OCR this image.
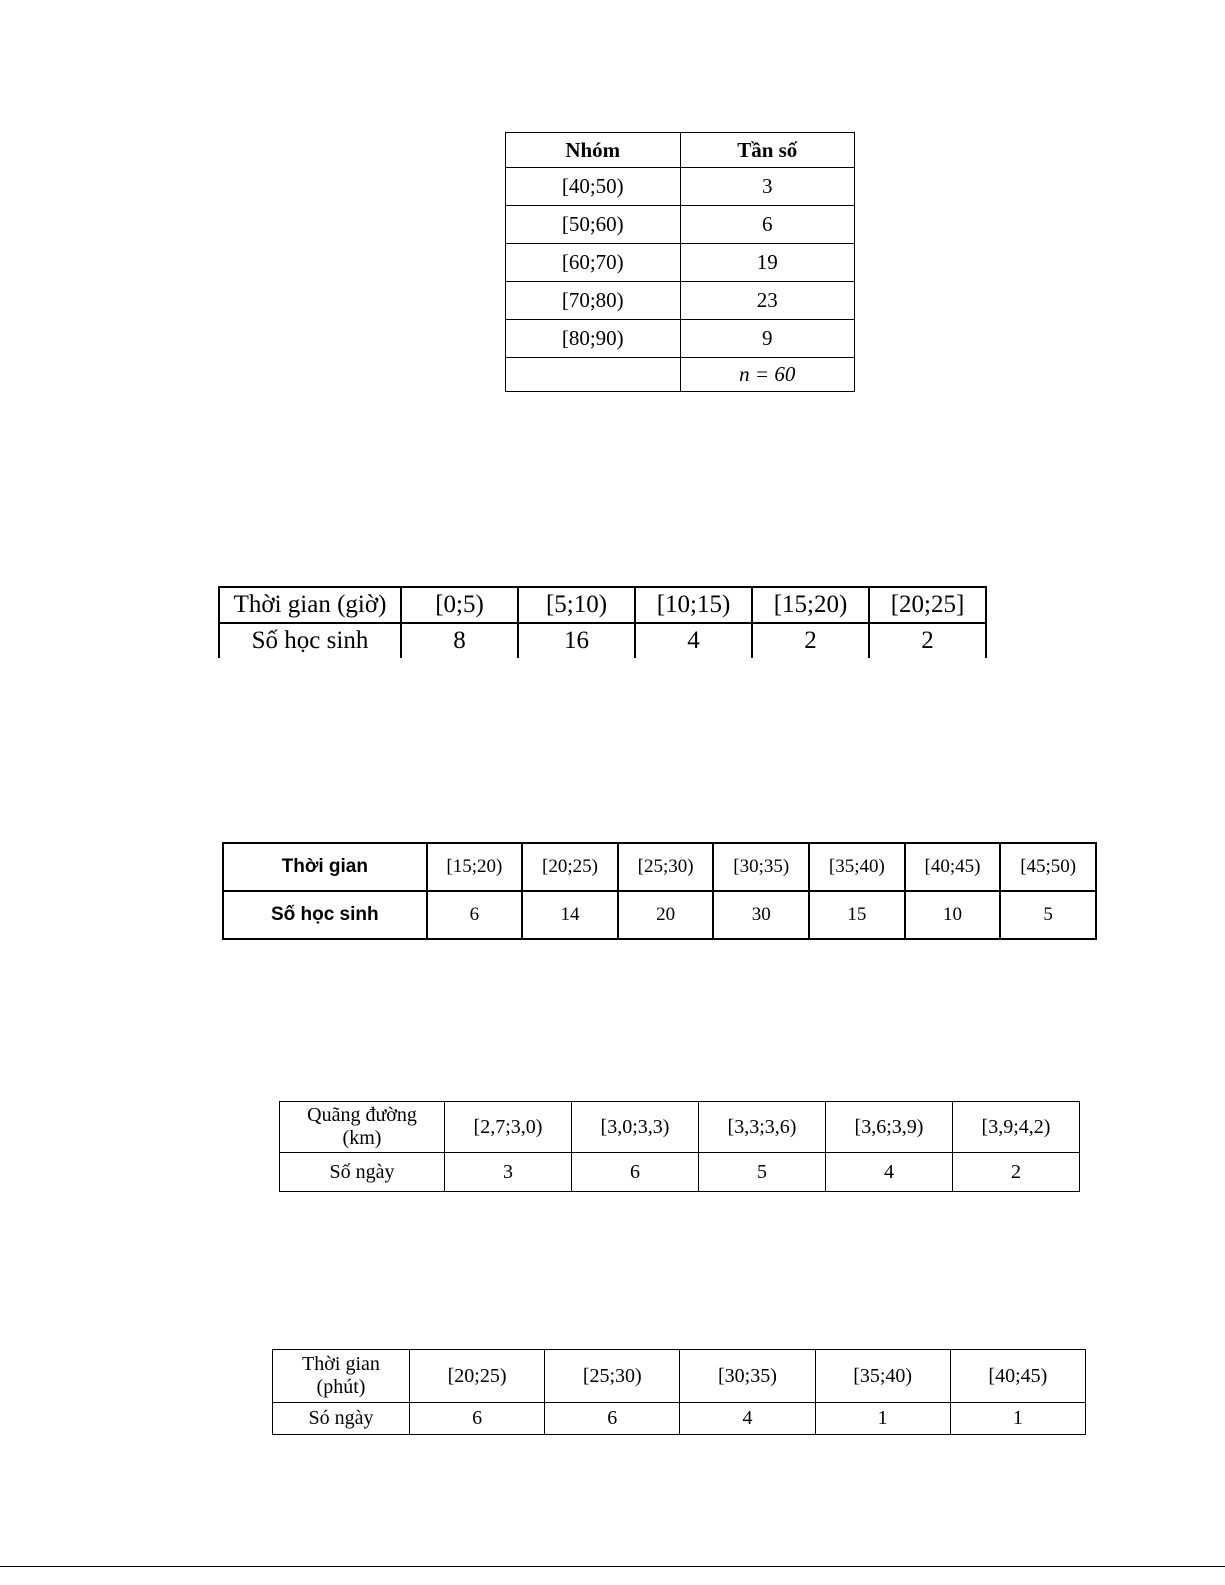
Nhóm	Tần số
[40;50)	3
[50;60)	6
[60;70)	19
[70;80)	23
[80;90)	9
	n = 60
Thời gian (giờ)	[0;5)	[5;10)	[10;15)	[15;20)	[20;25]
Số học sinh	8	16	4	2	2
Thời gian	[15;20)	[20;25)	[25;30)	[30;35)	[35;40)	[40;45)	[45;50)
Số học sinh	6	14	20	30	15	10	5
Quãng đường
(km)	[2,7;3,0)	[3,0;3,3)	[3,3;3,6)	[3,6;3,9)	[3,9;4,2)
Số ngày	3	6	5	4	2
Thời gian
(phút)	[20;25)	[25;30)	[30;35)	[35;40)	[40;45)
Só ngày	6	6	4	1	1
